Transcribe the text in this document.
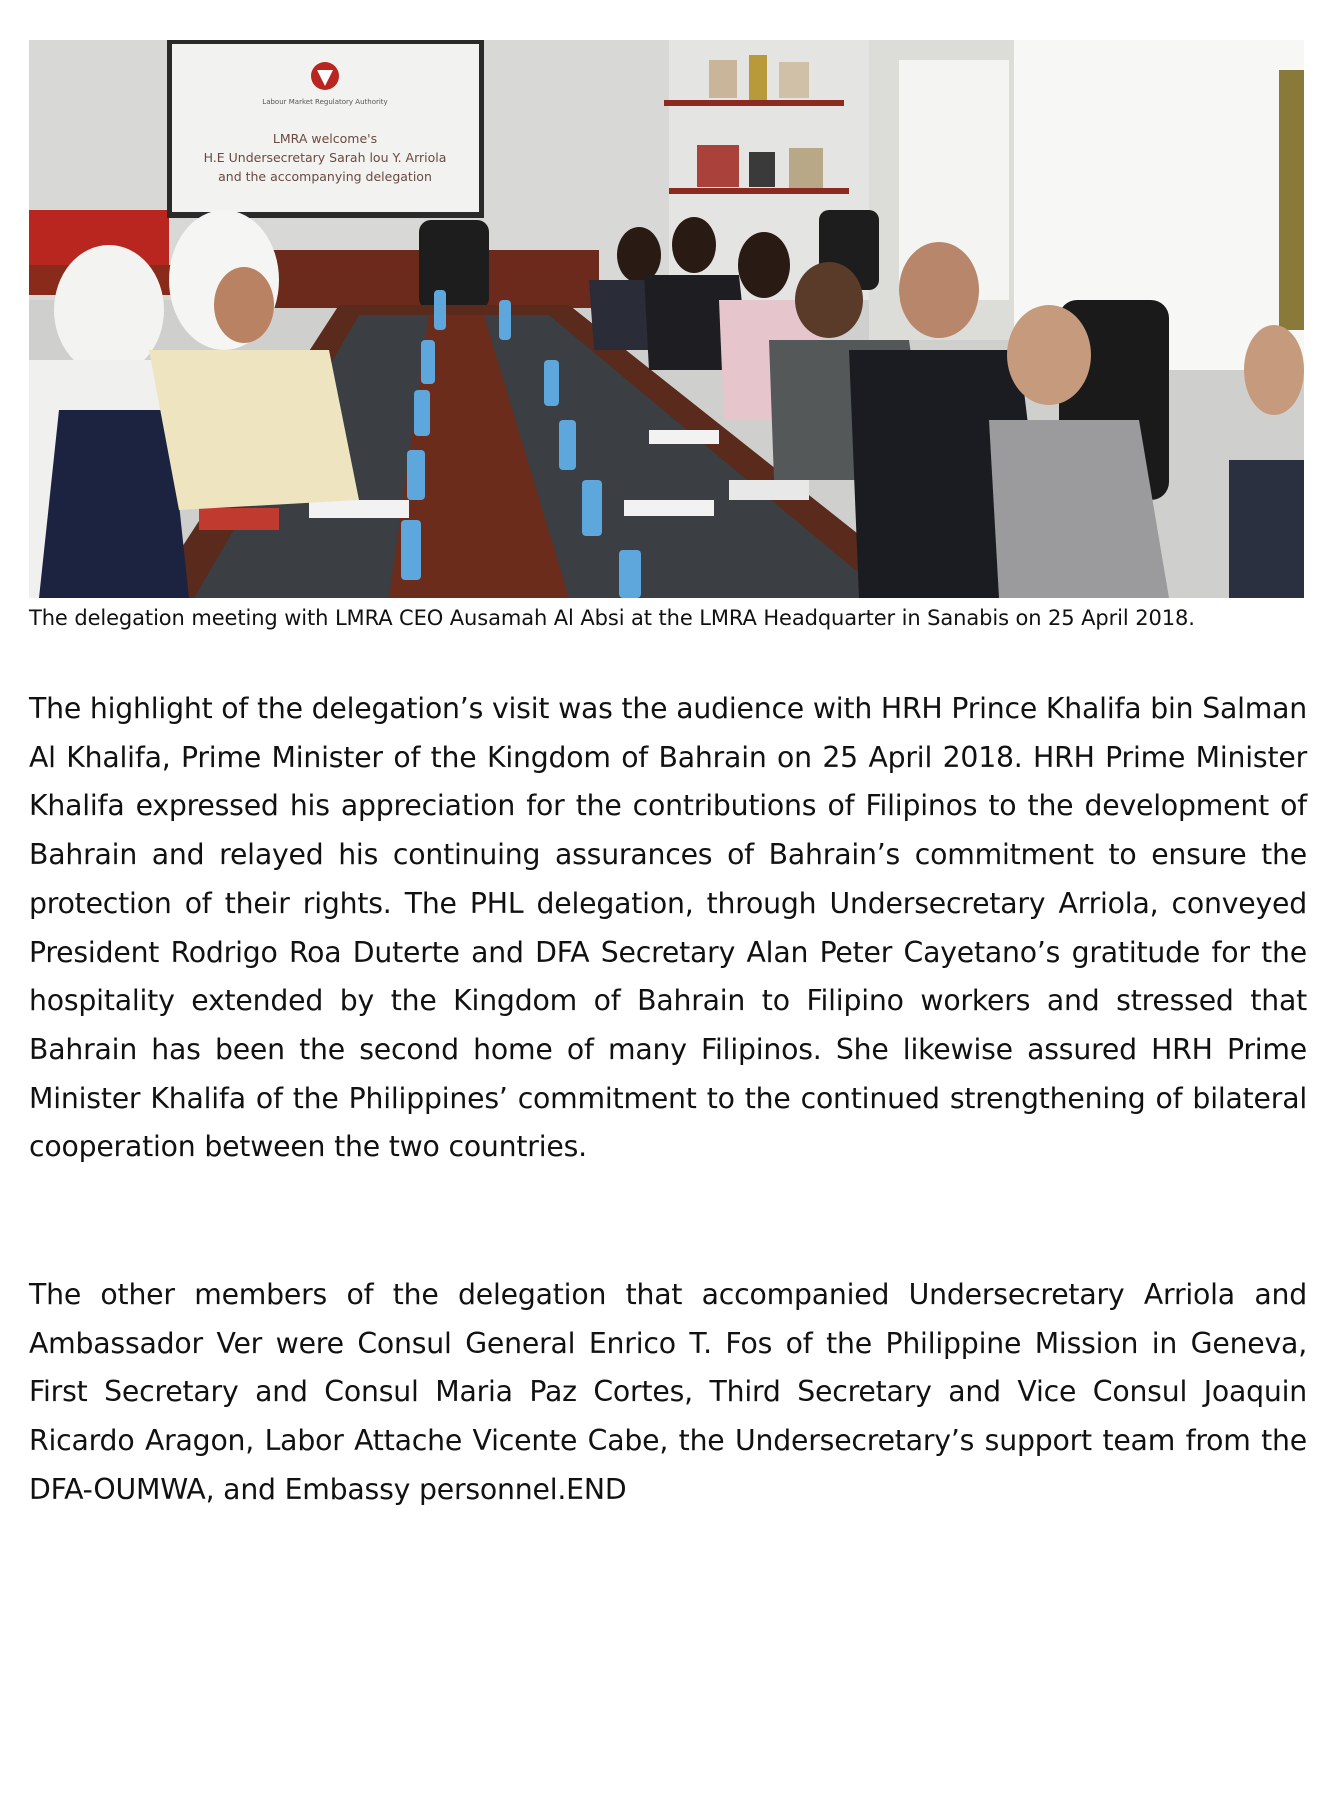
Labour Market Regulatory Authority
LMRA welcome's
H.E Undersecretary Sarah lou Y. Arriola
and the accompanying delegation

The delegation meeting with LMRA CEO Ausamah Al Absi at the LMRA Headquarter in Sanabis on 25 April 2018.

The highlight of the delegation’s visit was the audience with HRH Prince Khalifa bin Salman Al Khalifa, Prime Minister of the Kingdom of Bahrain on 25 April 2018. HRH Prime Minister Khalifa expressed his appreciation for the contributions of Filipinos to the development of Bahrain and relayed his continuing assurances of Bahrain’s commitment to ensure the protection of their rights. The PHL delegation, through Undersecretary Arriola, conveyed President Rodrigo Roa Duterte and DFA Secretary Alan Peter Cayetano’s gratitude for the hospitality extended by the Kingdom of Bahrain to Filipino workers and stressed that Bahrain has been the second home of many Filipinos. She likewise assured HRH Prime Minister Khalifa of the Philippines’ commitment to the continued strengthening of bilateral cooperation between the two countries.

The other members of the delegation that accompanied Undersecretary Arriola and Ambassador Ver were Consul General Enrico T. Fos of the Philippine Mission in Geneva, First Secretary and Consul Maria Paz Cortes, Third Secretary and Vice Consul Joaquin Ricardo Aragon, Labor Attache Vicente Cabe, the Undersecretary’s support team from the DFA-OUMWA, and Embassy personnel.END
